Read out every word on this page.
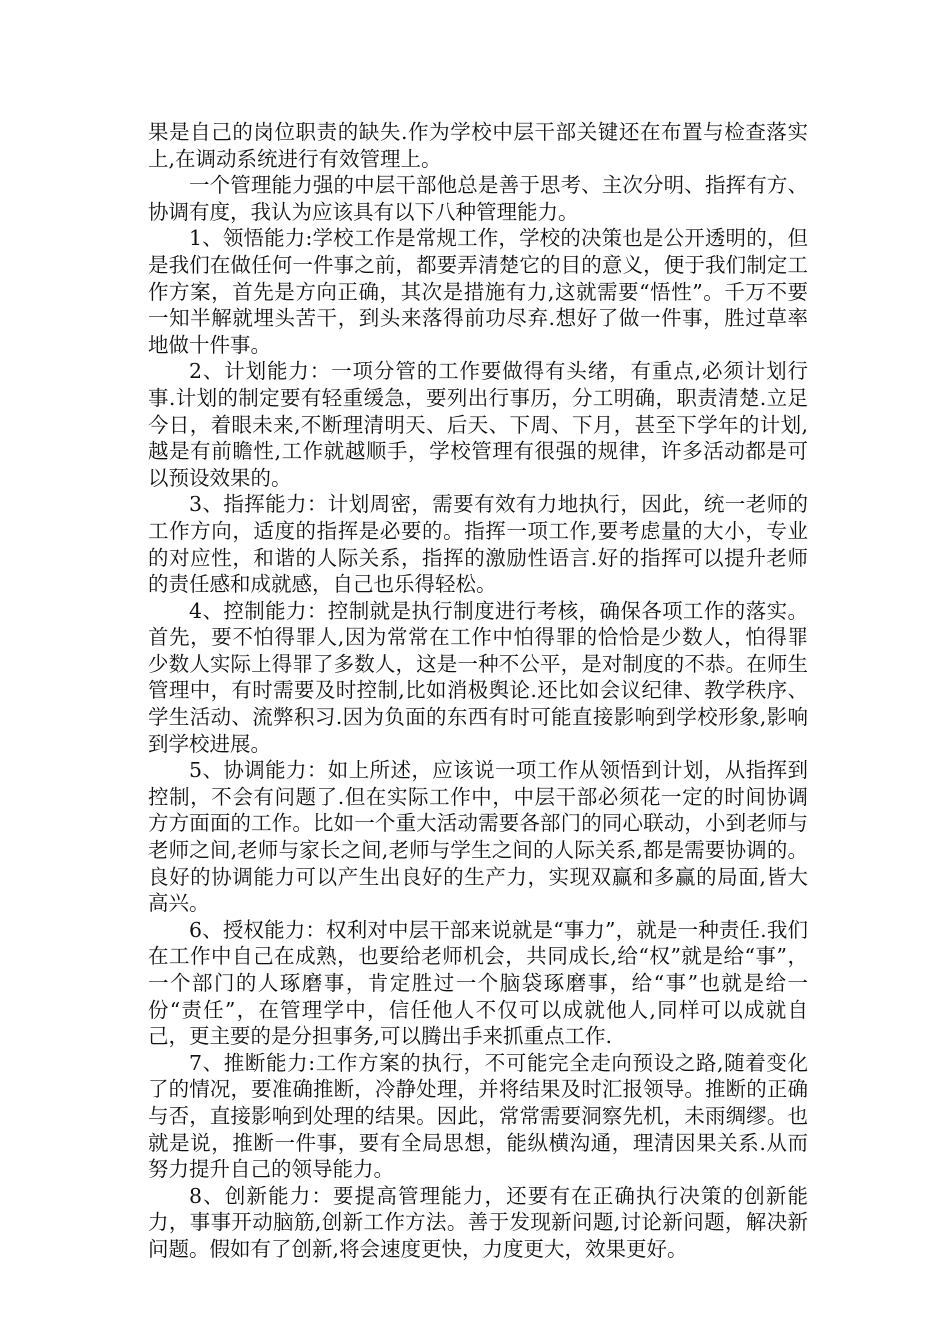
果是自己的岗位职责的缺失.作为学校中层干部关键还在布置与检查落实上,在调动系统进行有效管理上。

一个管理能力强的中层干部他总是善于思考、主次分明、指挥有方、协调有度，我认为应该具有以下八种管理能力。

1、领悟能力:学校工作是常规工作，学校的决策也是公开透明的，但是我们在做任何一件事之前，都要弄清楚它的目的意义，便于我们制定工作方案，首先是方向正确，其次是措施有力,这就需要“悟性”。千万不要一知半解就埋头苦干，到头来落得前功尽弃.想好了做一件事，胜过草率地做十件事。

2、计划能力：一项分管的工作要做得有头绪，有重点,必须计划行事.计划的制定要有轻重缓急，要列出行事历，分工明确，职责清楚.立足今日，着眼未来,不断理清明天、后天、下周、下月，甚至下学年的计划,越是有前瞻性,工作就越顺手，学校管理有很强的规律，许多活动都是可以预设效果的。

3、指挥能力：计划周密，需要有效有力地执行，因此，统一老师的工作方向，适度的指挥是必要的。指挥一项工作,要考虑量的大小，专业的对应性，和谐的人际关系，指挥的激励性语言.好的指挥可以提升老师的责任感和成就感，自己也乐得轻松。

4、控制能力：控制就是执行制度进行考核，确保各项工作的落实。首先，要不怕得罪人,因为常常在工作中怕得罪的恰恰是少数人，怕得罪少数人实际上得罪了多数人，这是一种不公平，是对制度的不恭。在师生管理中，有时需要及时控制,比如消极舆论.还比如会议纪律、教学秩序、学生活动、流弊积习.因为负面的东西有时可能直接影响到学校形象,影响到学校进展。

5、协调能力：如上所述，应该说一项工作从领悟到计划，从指挥到控制，不会有问题了.但在实际工作中，中层干部必须花一定的时间协调方方面面的工作。比如一个重大活动需要各部门的同心联动，小到老师与老师之间,老师与家长之间,老师与学生之间的人际关系,都是需要协调的。良好的协调能力可以产生出良好的生产力，实现双赢和多赢的局面,皆大高兴。

6、授权能力：权利对中层干部来说就是“事力”，就是一种责任.我们在工作中自己在成熟，也要给老师机会，共同成长,给“权”就是给“事”，一个部门的人琢磨事，肯定胜过一个脑袋琢磨事，给“事”也就是给一份“责任”，在管理学中，信任他人不仅可以成就他人,同样可以成就自己，更主要的是分担事务,可以腾出手来抓重点工作.

7、推断能力:工作方案的执行，不可能完全走向预设之路,随着变化了的情况，要准确推断，冷静处理，并将结果及时汇报领导。推断的正确与否，直接影响到处理的结果。因此，常常需要洞察先机，未雨绸缪。也就是说，推断一件事，要有全局思想，能纵横沟通，理清因果关系.从而努力提升自己的领导能力。

8、创新能力：要提高管理能力，还要有在正确执行决策的创新能力，事事开动脑筋,创新工作方法。善于发现新问题,讨论新问题，解决新问题。假如有了创新,将会速度更快，力度更大，效果更好。
